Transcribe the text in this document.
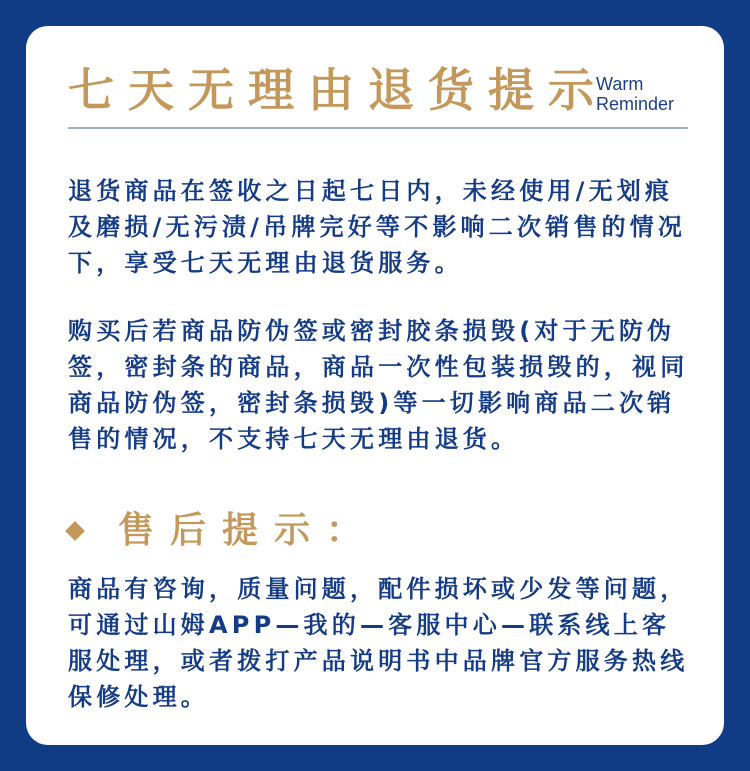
七天无理由退货提示
Warm
Reminder

退货商品在签收之日起七日内，未经使用/无划痕及磨损/无污渍/吊牌完好等不影响二次销售的情况下，享受七天无理由退货服务。

购买后若商品防伪签或密封胶条损毁(对于无防伪签，密封条的商品，商品一次性包装损毁的，视同商品防伪签，密封条损毁)等一切影响商品二次销售的情况，不支持七天无理由退货。

售后提示：

商品有咨询，质量问题，配件损坏或少发等问题，可通过山姆APP—我的—客服中心—联系线上客服处理，或者拨打产品说明书中品牌官方服务热线保修处理。
